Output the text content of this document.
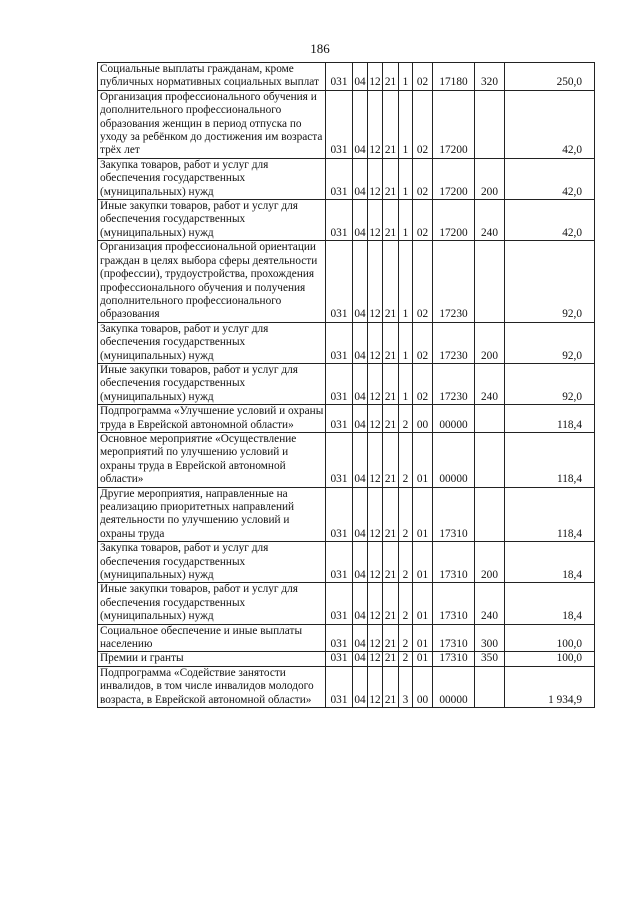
186
Социальные выплаты гражданам, кроме публичных нормативных социальных выплат	031	04	12	21	1	02	17180	320	250,0
Организация профессионального обучения и дополнительного профессионального образования женщин в период отпуска по уходу за ребёнком до достижения им возраста трёх лет	031	04	12	21	1	02	17200		42,0
Закупка товаров, работ и услуг для обеспечения государственных (муниципальных) нужд	031	04	12	21	1	02	17200	200	42,0
Иные закупки товаров, работ и услуг для обеспечения государственных (муниципальных) нужд	031	04	12	21	1	02	17200	240	42,0
Организация профессиональной ориентации граждан в целях выбора сферы деятельности (профессии), трудоустройства, прохождения профессионального обучения и получения дополнительного профессионального образования	031	04	12	21	1	02	17230		92,0
Закупка товаров, работ и услуг для обеспечения государственных (муниципальных) нужд	031	04	12	21	1	02	17230	200	92,0
Иные закупки товаров, работ и услуг для обеспечения государственных (муниципальных) нужд	031	04	12	21	1	02	17230	240	92,0
Подпрограмма «Улучшение условий и охраны труда в Еврейской автономной области»	031	04	12	21	2	00	00000		118,4
Основное мероприятие «Осуществление мероприятий по улучшению условий и охраны труда в Еврейской автономной области»	031	04	12	21	2	01	00000		118,4
Другие мероприятия, направленные на реализацию приоритетных направлений деятельности по улучшению условий и охраны труда	031	04	12	21	2	01	17310		118,4
Закупка товаров, работ и услуг для обеспечения государственных (муниципальных) нужд	031	04	12	21	2	01	17310	200	18,4
Иные закупки товаров, работ и услуг для обеспечения государственных (муниципальных) нужд	031	04	12	21	2	01	17310	240	18,4
Социальное обеспечение и иные выплаты населению	031	04	12	21	2	01	17310	300	100,0
Премии и гранты	031	04	12	21	2	01	17310	350	100,0
Подпрограмма «Содействие занятости инвалидов, в том числе инвалидов молодого возраста, в Еврейской автономной области»	031	04	12	21	3	00	00000		1 934,9
